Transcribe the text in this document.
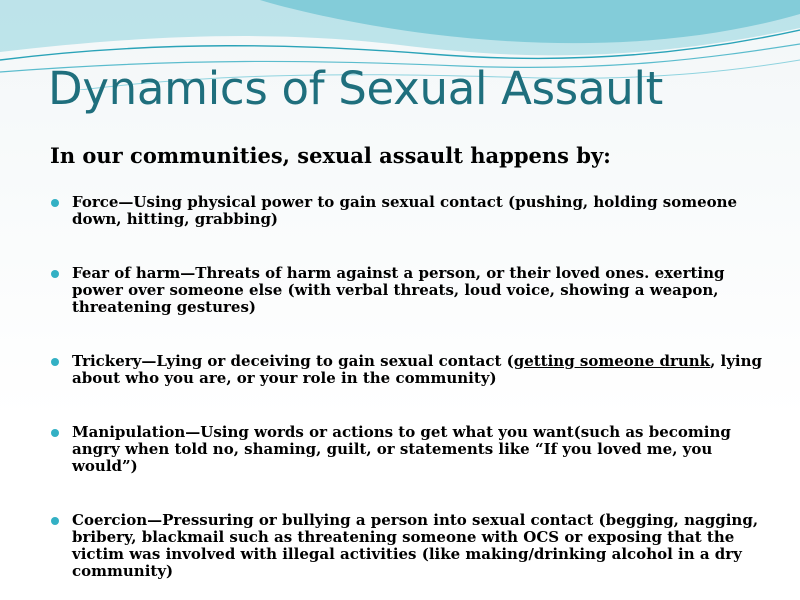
Dynamics of Sexual Assault
In our communities, sexual assault happens by:
Force—Using physical power to gain sexual contact (pushing, holding someone down, hitting, grabbing)
Fear of harm—Threats of harm against a person, or their loved ones. exerting power over someone else (with verbal threats, loud voice, showing a weapon, threatening gestures)
Trickery—Lying or deceiving to gain sexual contact (getting someone drunk, lying about who you are, or your role in the community)
Manipulation—Using words or actions to get what you want(such as becoming angry when told no, shaming, guilt, or statements like “If you loved me, you would”)
Coercion—Pressuring or bullying a person into sexual contact (begging, nagging, bribery, blackmail such as threatening someone with OCS or exposing that the victim was involved with illegal activities (like making/drinking alcohol in a dry community)
